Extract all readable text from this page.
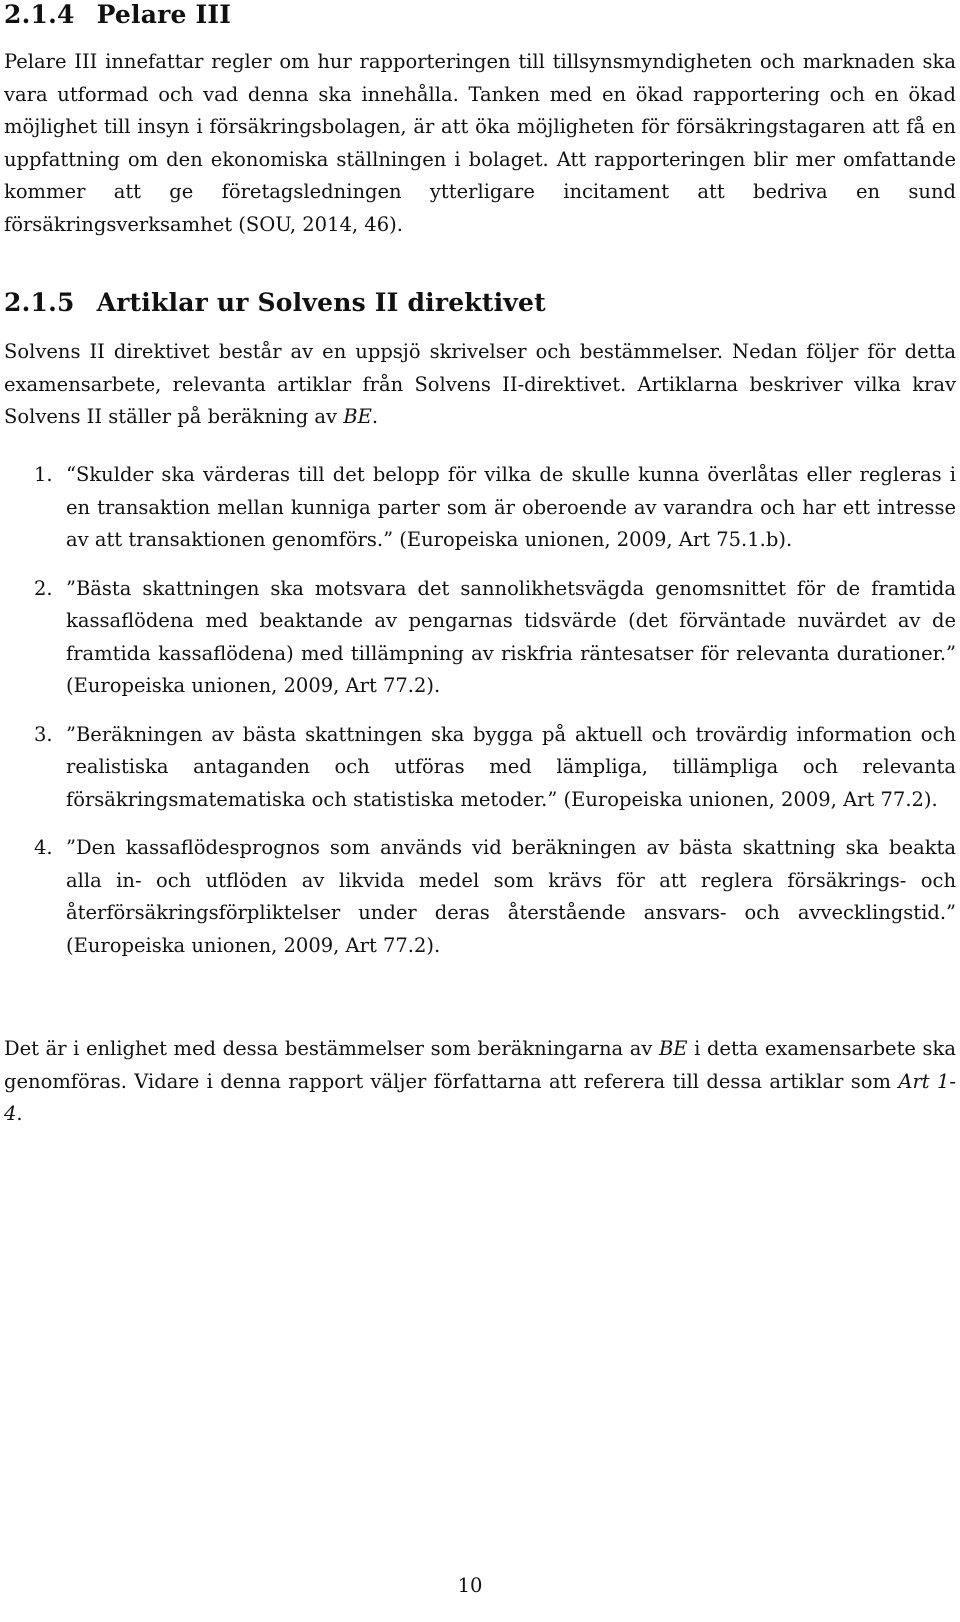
2.1.4 Pelare III

Pelare III innefattar regler om hur rapporteringen till tillsynsmyndigheten och marknaden ska vara utformad och vad denna ska innehålla. Tanken med en ökad rapportering och en ökad möjlighet till insyn i försäkringsbolagen, är att öka möjligheten för försäkringstagaren att få en uppfattning om den ekonomiska ställningen i bolaget. Att rapporteringen blir mer omfattande kommer att ge företagsledningen ytterligare incitament att bedriva en sund försäkringsverksamhet (SOU, 2014, 46).

2.1.5 Artiklar ur Solvens II direktivet

Solvens II direktivet består av en uppsjö skrivelser och bestämmelser. Nedan följer för detta examensarbete, relevanta artiklar från Solvens II-direktivet. Artiklarna beskriver vilka krav Solvens II ställer på beräkning av BE.

1. “Skulder ska värderas till det belopp för vilka de skulle kunna överlåtas eller regleras i en transaktion mellan kunniga parter som är oberoende av varandra och har ett intresse av att transaktionen genomförs.” (Europeiska unionen, 2009, Art 75.1.b).

2. ”Bästa skattningen ska motsvara det sannolikhetsvägda genomsnittet för de framtida kassaflödena med beaktande av pengarnas tidsvärde (det förväntade nuvärdet av de framtida kassaflödena) med tillämpning av riskfria räntesatser för relevanta durationer.” (Europeiska unionen, 2009, Art 77.2).

3. ”Beräkningen av bästa skattningen ska bygga på aktuell och trovärdig information och realistiska antaganden och utföras med lämpliga, tillämpliga och relevanta försäkringsmatematiska och statistiska metoder.” (Europeiska unionen, 2009, Art 77.2).

4. ”Den kassaflödesprognos som används vid beräkningen av bästa skattning ska beakta alla in- och utflöden av likvida medel som krävs för att reglera försäkrings- och återförsäkringsförpliktelser under deras återstående ansvars- och avvecklingstid.” (Europeiska unionen, 2009, Art 77.2).

Det är i enlighet med dessa bestämmelser som beräkningarna av BE i detta examensarbete ska genomföras. Vidare i denna rapport väljer författarna att referera till dessa artiklar som Art 1-4.

10
